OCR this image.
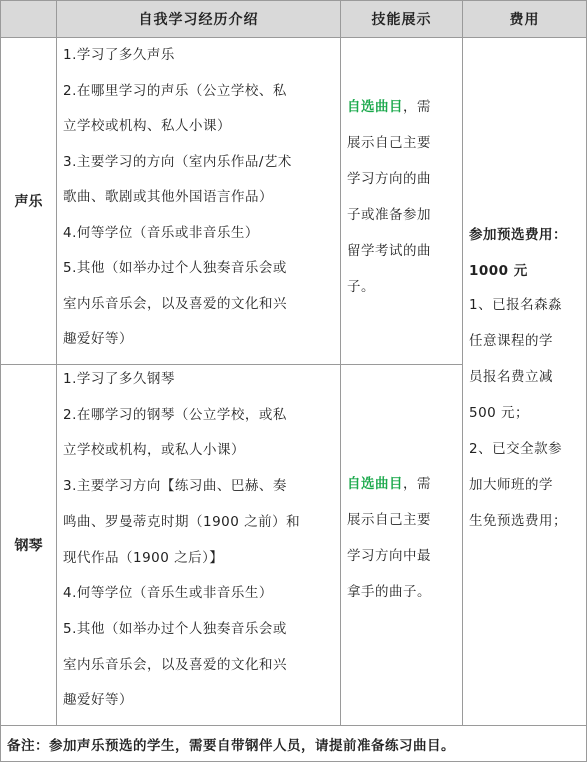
自我学习经历介绍	技能展示	费用
声乐
1.学习了多久声乐
2.在哪里学习的声乐（公立学校、私
立学校或机构、私人小课）
3.主要学习的方向（室内乐作品/艺术
歌曲、歌剧或其他外国语言作品）
4.何等学位（音乐或非音乐生）
5.其他（如举办过个人独奏音乐会或
室内乐音乐会，以及喜爱的文化和兴
趣爱好等）
自选曲目，需
展示自己主要
学习方向的曲
子或准备参加
留学考试的曲
子。
钢琴
1.学习了多久钢琴
2.在哪学习的钢琴（公立学校，或私
立学校或机构，或私人小课）
3.主要学习方向【练习曲、巴赫、奏
鸣曲、罗曼蒂克时期（1900 之前）和
现代作品（1900 之后）】
4.何等学位（音乐生或非音乐生）
5.其他（如举办过个人独奏音乐会或
室内乐音乐会，以及喜爱的文化和兴
趣爱好等）
自选曲目，需
展示自己主要
学习方向中最
拿手的曲子。
参加预选费用：
1000 元
1、已报名森淼
任意课程的学
员报名费立减
500 元；
2、已交全款参
加大师班的学
生免预选费用；
备注：参加声乐预选的学生，需要自带钢伴人员，请提前准备练习曲目。
